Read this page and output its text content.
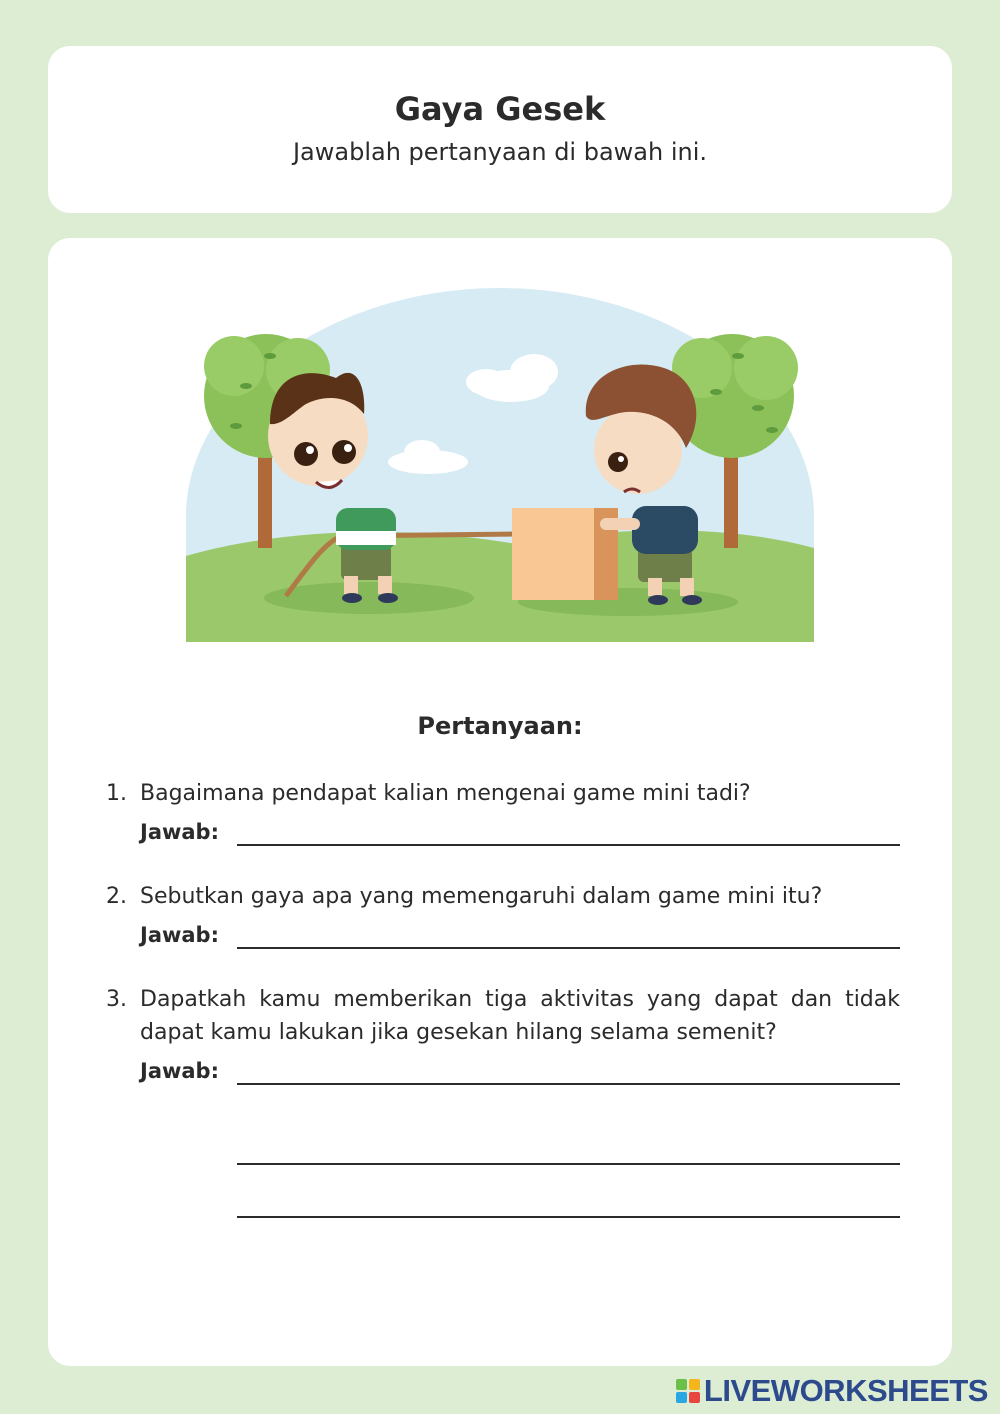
Gaya Gesek
Jawablah pertanyaan di bawah ini.
Pertanyaan:
1. Bagaimana pendapat kalian mengenai game mini tadi?
Jawab:
2. Sebutkan gaya apa yang memengaruhi dalam game mini itu?
Jawab:
3. Dapatkah kamu memberikan tiga aktivitas yang dapat dan tidak dapat kamu lakukan jika gesekan hilang selama semenit?
Jawab:
LIVEWORKSHEETS
